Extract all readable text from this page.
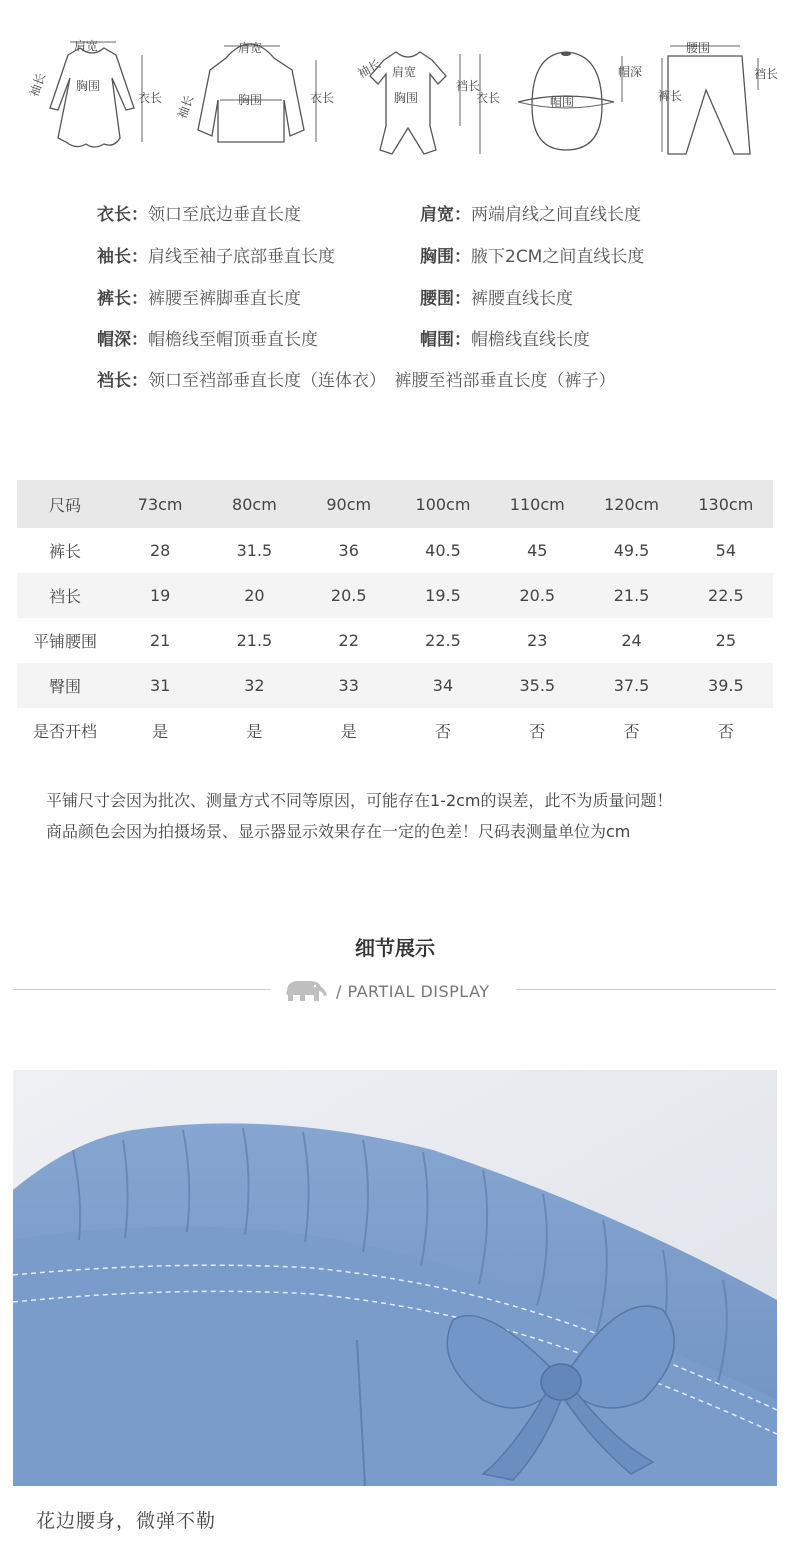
肩宽
袖长 胸围
衣长
肩宽
袖长	胸围	衣长
袖长 肩宽
胸围
裆长
衣长	帽围
帽深
腰围
裤长
裆长
衣长：领口至底边垂直长度	肩宽：两端肩线之间直线长度
袖长：肩线至袖子底部垂直长度	胸围：腋下2CM之间直线长度
裤长：裤腰至裤脚垂直长度	腰围：裤腰直线长度
帽深：帽檐线至帽顶垂直长度	帽围：帽檐线直线长度
裆长：领口至裆部垂直长度（连体衣）　裤腰至裆部垂直长度（裤子）
尺码	73cm	80cm	90cm	100cm	110cm	120cm	130cm
裤长	28	31.5	36	40.5	45	49.5	54
裆长	19	20	20.5	19.5	20.5	21.5	22.5
平铺腰围	21	21.5	22	22.5	23	24	25
臀围	31	32	33	34	35.5	37.5	39.5
是否开档	是	是	是	否	否	否	否
平铺尺寸会因为批次、测量方式不同等原因，可能存在1-2cm的误差，此不为质量问题！
商品颜色会因为拍摄场景、显示器显示效果存在一定的色差！尺码表测量单位为cm
细节展示
/ PARTIAL DISPLAY
花边腰身，微弹不勒
